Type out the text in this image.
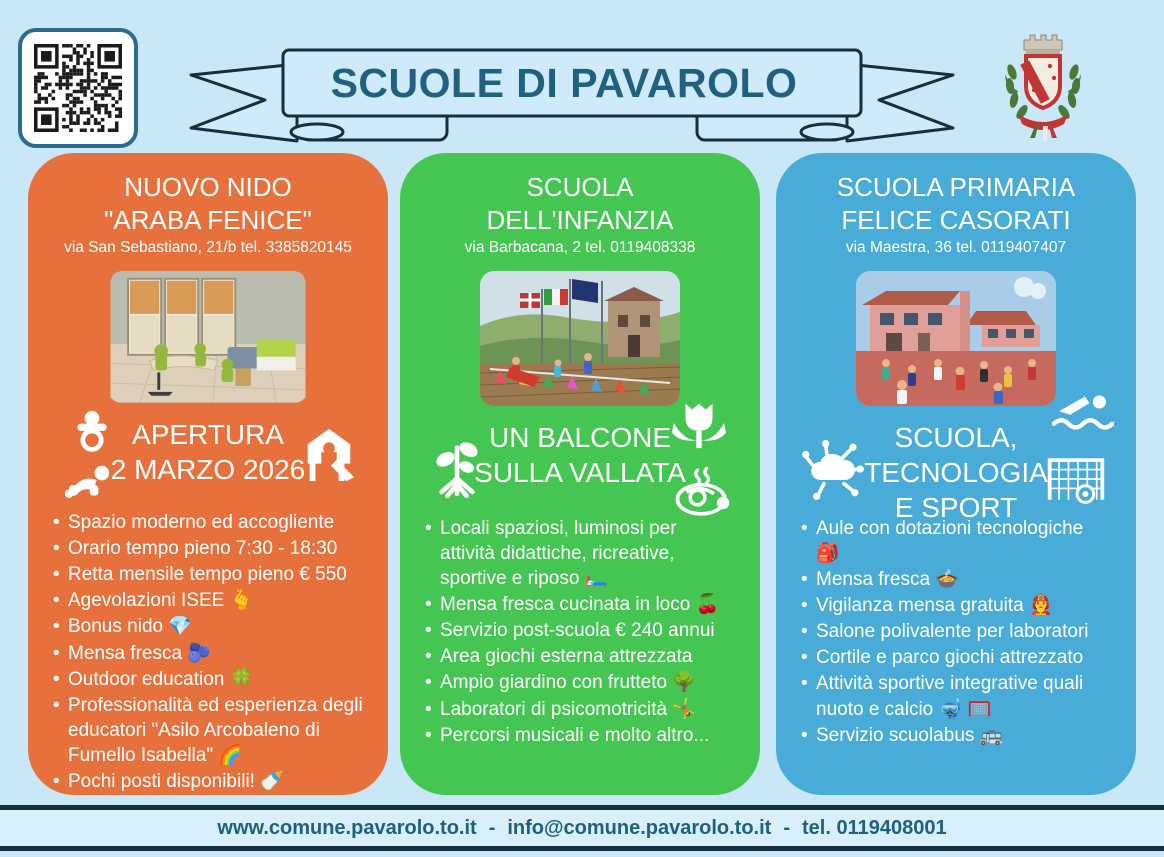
SCUOLE DI PAVAROLO
NUOVO NIDO
"ARABA FENICE"
via San Sebastiano, 21/b tel. 3385820145
APERTURA
2 MARZO 2026
• Spazio moderno ed accogliente
• Orario tempo pieno 7:30 - 18:30
• Retta mensile tempo pieno € 550
• Agevolazioni ISEE 🫰
• Bonus nido 💎
• Mensa fresca 🫐
• Outdoor education 🍀
• Professionalità ed esperienza degli educatori "Asilo Arcobaleno di Fumello Isabella" 🌈
• Pochi posti disponibili! 🍼
SCUOLA
DELL'INFANZIA
via Barbacana, 2 tel. 0119408338
UN BALCONE
SULLA VALLATA
• Locali spaziosi, luminosi per attività didattiche, ricreative, sportive e riposo 🛏️
• Mensa fresca cucinata in loco 🍒
• Servizio post-scuola € 240 annui
• Area giochi esterna attrezzata
• Ampio giardino con frutteto 🌳
• Laboratori di psicomotricità 🤸
• Percorsi musicali e molto altro...
SCUOLA PRIMARIA
FELICE CASORATI
via Maestra, 36 tel. 0119407407
SCUOLA, TECNOLOGIA
E SPORT
• Aule con dotazioni tecnologiche 🎒
• Mensa fresca 🍲
• Vigilanza mensa gratuita 🧑‍🚒
• Salone polivalente per laboratori
• Cortile e parco giochi attrezzato
• Attività sportive integrative quali nuoto e calcio 🤿 🥅
• Servizio scuolabus 🚌
www.comune.pavarolo.to.it - info@comune.pavarolo.to.it - tel. 0119408001
